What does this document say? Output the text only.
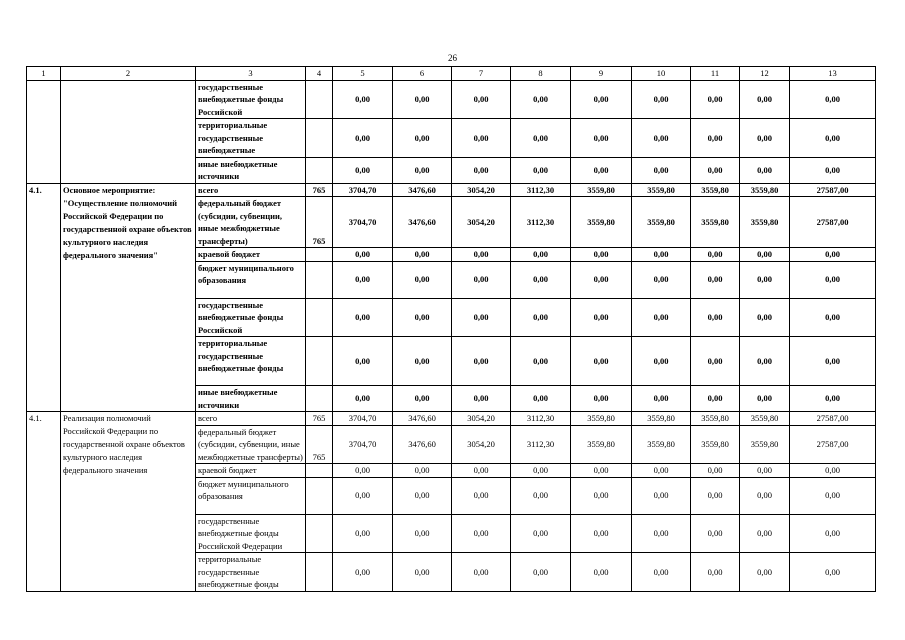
26
1	2	3	4	5	6	7	8	9	10	11	12	13
		государственные внебюджетные фонды Российской		0,00	0,00	0,00	0,00	0,00	0,00	0,00	0,00	0,00
		территориальные государственные внебюджетные		0,00	0,00	0,00	0,00	0,00	0,00	0,00	0,00	0,00
		иные внебюджетные источники		0,00	0,00	0,00	0,00	0,00	0,00	0,00	0,00	0,00
4.1.	Основное мероприятие: "Осуществление полномочий Российской Федерации по государственной охране объектов культурного наследия федерального значения"	всего	765	3704,70	3476,60	3054,20	3112,30	3559,80	3559,80	3559,80	3559,80	27587,00
		федеральный бюджет (субсидии, субвенции, иные межбюджетные трансферты)	765	3704,70	3476,60	3054,20	3112,30	3559,80	3559,80	3559,80	3559,80	27587,00
		краевой бюджет		0,00	0,00	0,00	0,00	0,00	0,00	0,00	0,00	0,00
		бюджет муниципального образования		0,00	0,00	0,00	0,00	0,00	0,00	0,00	0,00	0,00
		государственные внебюджетные фонды Российской		0,00	0,00	0,00	0,00	0,00	0,00	0,00	0,00	0,00
		территориальные государственные внебюджетные фонды		0,00	0,00	0,00	0,00	0,00	0,00	0,00	0,00	0,00
		иные внебюджетные источники		0,00	0,00	0,00	0,00	0,00	0,00	0,00	0,00	0,00
4.1.	Реализация полномочий Российской Федерации по государственной охране объектов культурного наследия федерального значения	всего	765	3704,70	3476,60	3054,20	3112,30	3559,80	3559,80	3559,80	3559,80	27587,00
		федеральный бюджет (субсидии, субвенции, иные межбюджетные трансферты)	765	3704,70	3476,60	3054,20	3112,30	3559,80	3559,80	3559,80	3559,80	27587,00
		краевой бюджет		0,00	0,00	0,00	0,00	0,00	0,00	0,00	0,00	0,00
		бюджет муниципального образования		0,00	0,00	0,00	0,00	0,00	0,00	0,00	0,00	0,00
		государственные внебюджетные фонды Российской Федерации		0,00	0,00	0,00	0,00	0,00	0,00	0,00	0,00	0,00
		территориальные государственные внебюджетные фонды		0,00	0,00	0,00	0,00	0,00	0,00	0,00	0,00	0,00
